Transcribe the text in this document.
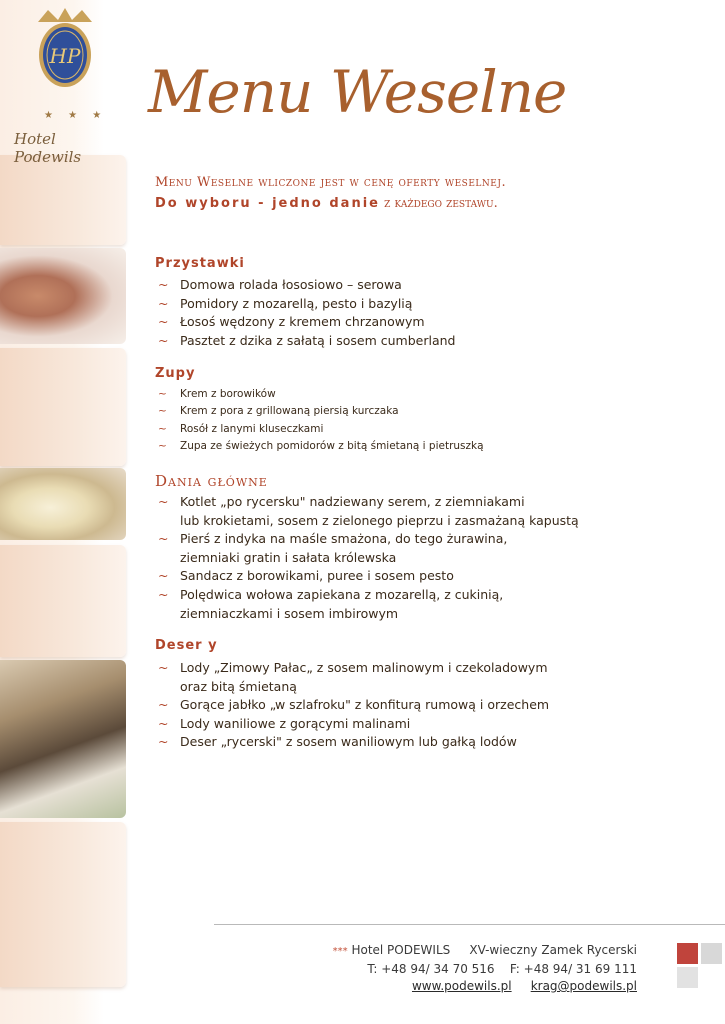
HP
★ ★ ★
Hotel Podewils
Menu Weselne
Menu Weselne wliczone jest w cenę oferty weselnej.
Do wyboru - jedno danie z każdego zestawu.
Przystawki
~ Domowa rolada łososiowo – serowa
~ Pomidory z mozarellą, pesto i bazylią
~ Łosoś wędzony z kremem chrzanowym
~ Pasztet z dzika z sałatą i sosem cumberland
Zupy
~ Krem z borowików
~ Krem z pora z grillowaną piersią kurczaka
~ Rosół z lanymi kluseczkami
~ Zupa ze świeżych pomidorów z bitą śmietaną i pietruszką
Dania główne
~ Kotlet „po rycersku" nadziewany serem, z ziemniakami
lub krokietami, sosem z zielonego pieprzu i zasmażaną kapustą
~ Pierś z indyka na maśle smażona, do tego żurawina,
ziemniaki gratin i sałata królewska
~ Sandacz z borowikami, puree i sosem pesto
~ Polędwica wołowa zapiekana z mozarellą, z cukinią,
ziemniaczkami i sosem imbirowym
Deser y
~ Lody „Zimowy Pałac„ z sosem malinowym i czekoladowym
oraz bitą śmietaną
~ Gorące jabłko „w szlafroku" z konfiturą rumową i orzechem
~ Lody waniliowe z gorącymi malinami
~ Deser „rycerski" z sosem waniliowym lub gałką lodów
*** Hotel PODEWILS XV-wieczny Zamek Rycerski
T: +48 94/ 34 70 516 F: +48 94/ 31 69 111
www.podewils.pl krag@podewils.pl
